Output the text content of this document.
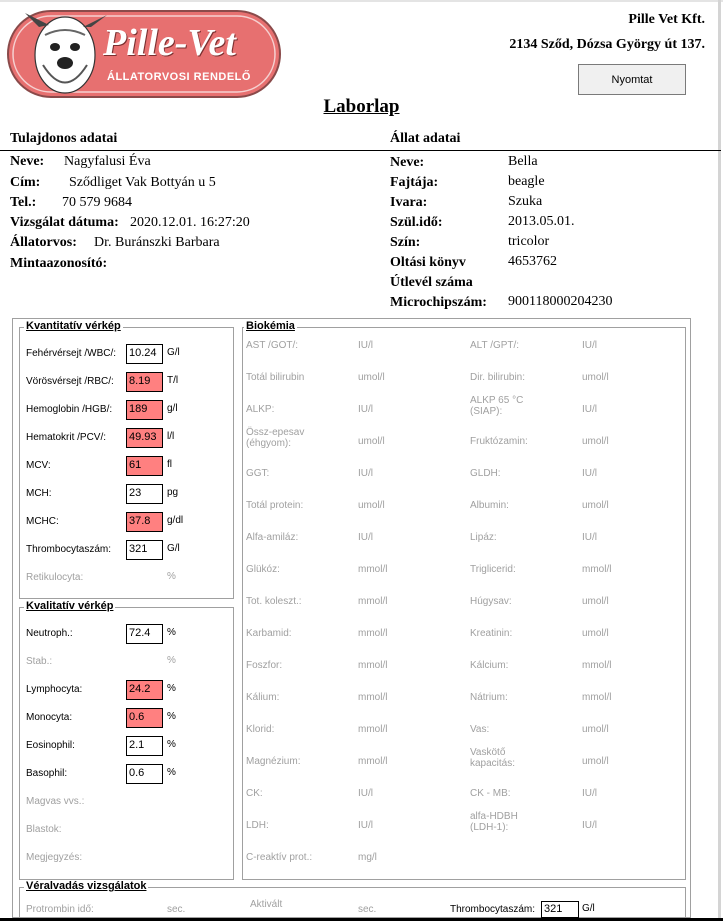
Pille-Vet
ÁLLATORVOSI RENDELŐ
Pille Vet Kft.
2134 Sződ, Dózsa György út 137.
Nyomtat
Laborlap
Tulajdonos adatai	Állat adatai
Neve: Nagyfalusi Éva
Cím: Sződliget Vak Bottyán u 5
Tel.: 70 579 9684
Vizsgálat dátuma: 2020.12.01. 16:27:20
Állatorvos: Dr. Buránszki Barbara
Mintaazonosító:
Neve:	Bella
Fajtája:	beagle
Ivara:	Szuka
Szül.idő:	2013.05.01.
Szín:	tricolor
Oltási könyv	4653762
Útlevél száma
Microchipszám: 900118000204230
Kvantitatív vérkép
Fehérvérsejt /WBC/: 10.24	G/l
Vörösvérsejt /RBC/: 8.19	T/l
Hemoglobin /HGB/: 189	g/l
Hematokrit /PCV/: 49.93	l/l
MCV:	61	fl
MCH:	23	pg
MCHC:	37.8	g/dl
Thrombocytaszám: 321	G/l
Retikulocyta:	%
Kvalitatív vérkép
Neutroph.:	72.4	%
Stab.:	%
Lymphocyta:	24.2	%
Monocyta:	0.6	%
Eosinophil:	2.1	%
Basophil:	0.6	%
Magvas vvs.:
Blastok:
Megjegyzés:
Biokémia
AST /GOT/:	IU/l
Totál bilirubin	umol/l
ALKP:	IU/l
Össz-epesav
(éhgyom):	umol/l
GGT:	IU/l
Totál protein:	umol/l
Alfa-amiláz:	IU/l
Glükóz:	mmol/l
Tot. koleszt.:	mmol/l
Karbamid:	mmol/l
Foszfor:	mmol/l
Kálium:	mmol/l
Klorid:	mmol/l
Magnézium:	mmol/l
CK:	IU/l
LDH:	IU/l
C-reaktív prot.:	mg/l
ALT /GPT/:	IU/l
Dir. bilirubin:	umol/l
ALKP 65 °C
(SIAP):	IU/l
Fruktózamin:	umol/l
GLDH:	IU/l
Albumin:	umol/l
Lipáz:	IU/l
Triglicerid:	mmol/l
Húgysav:	umol/l
Kreatinin:	umol/l
Kálcium:	mmol/l
Nátrium:	mmol/l
Vas:	umol/l
Vaskötő
kapacitás:	umol/l
CK - MB:	IU/l
alfa-HDBH
(LDH-1):	IU/l
Véralvadás vizsgálatok
Protrombin idő:	sec.	Aktivált	sec.	Thrombocytaszám: 321	G/l
